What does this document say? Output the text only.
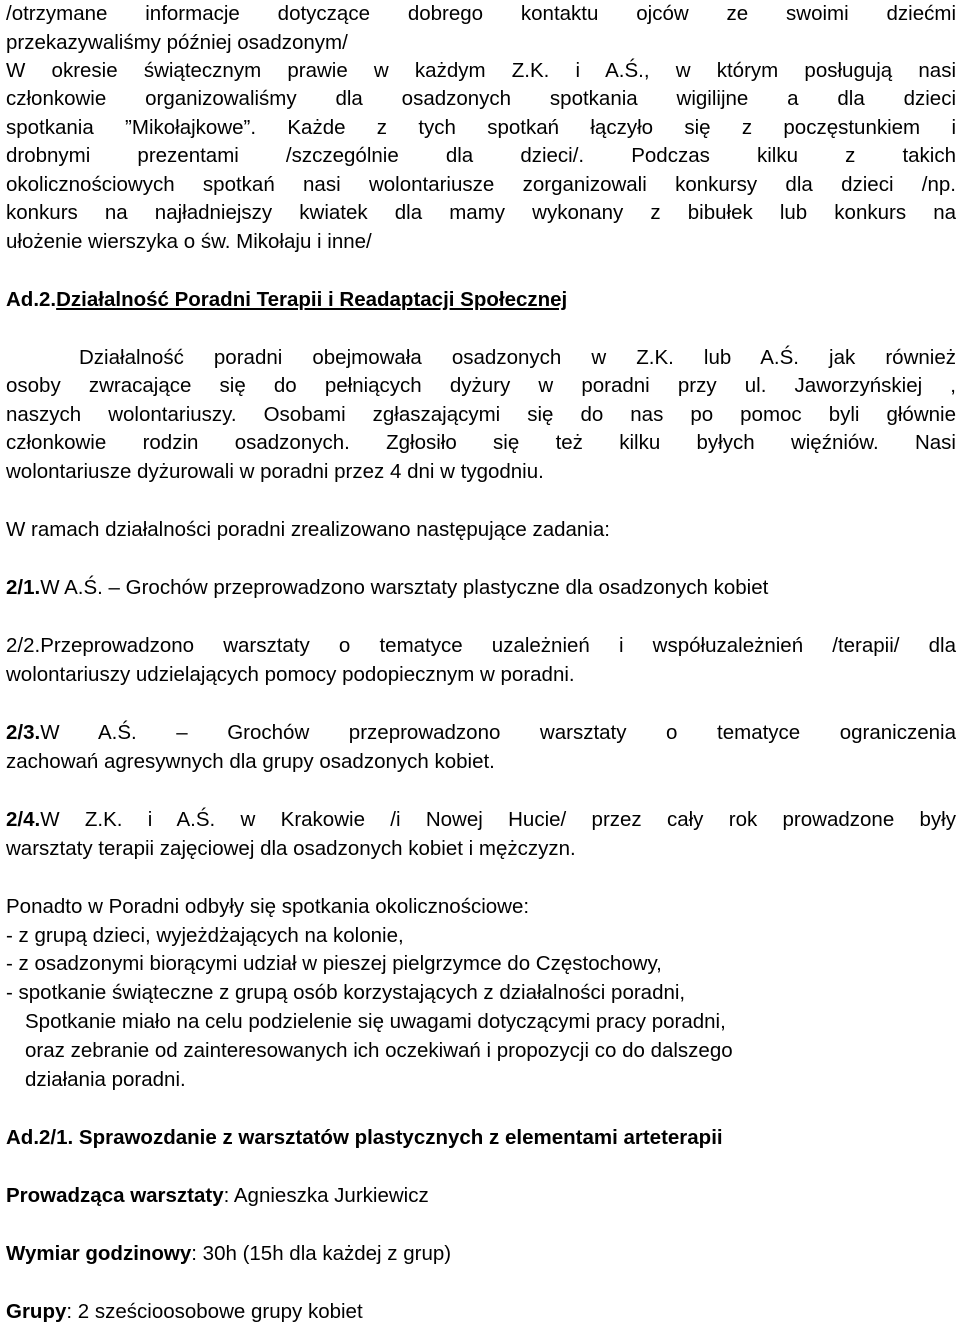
/otrzymane informacje dotyczące dobrego kontaktu ojców ze swoimi dziećmi
przekazywaliśmy później osadzonym/
W okresie świątecznym prawie w każdym Z.K. i A.Ś., w którym posługują nasi
członkowie organizowaliśmy dla osadzonych spotkania wigilijne a dla dzieci
spotkania ”Mikołajkowe”. Każde z tych spotkań łączyło się z poczęstunkiem i
drobnymi prezentami /szczególnie dla dzieci/. Podczas kilku z takich
okolicznościowych spotkań nasi wolontariusze zorganizowali konkursy dla dzieci /np.
konkurs na najładniejszy kwiatek dla mamy wykonany z bibułek lub konkurs na
ułożenie wierszyka o św. Mikołaju i inne/
Ad.2.Działalność Poradni Terapii i Readaptacji Społecznej
Działalność poradni obejmowała osadzonych w Z.K. lub A.Ś. jak również
osoby zwracające się do pełniących dyżury w poradni przy ul. Jaworzyńskiej ,
naszych wolontariuszy. Osobami zgłaszającymi się do nas po pomoc byli głównie
członkowie rodzin osadzonych. Zgłosiło się też kilku byłych więźniów. Nasi
wolontariusze dyżurowali w poradni przez 4 dni w tygodniu.
W ramach działalności poradni zrealizowano następujące zadania:
2/1.W A.Ś. – Grochów przeprowadzono warsztaty plastyczne dla osadzonych kobiet
2/2.Przeprowadzono warsztaty o tematyce uzależnień i współuzależnień /terapii/ dla
wolontariuszy udzielających pomocy podopiecznym w poradni.
2/3.W A.Ś. – Grochów przeprowadzono warsztaty o tematyce ograniczenia
zachowań agresywnych dla grupy osadzonych kobiet.
2/4.W Z.K. i A.Ś. w Krakowie /i Nowej Hucie/ przez cały rok prowadzone były
warsztaty terapii zajęciowej dla osadzonych kobiet i mężczyzn.
Ponadto w Poradni odbyły się spotkania okolicznościowe:
- z grupą dzieci, wyjeżdżających na kolonie,
- z osadzonymi biorącymi udział w pieszej pielgrzymce do Częstochowy,
- spotkanie świąteczne z grupą osób korzystających z działalności poradni,
Spotkanie miało na celu podzielenie się uwagami dotyczącymi pracy poradni,
oraz zebranie od zainteresowanych ich oczekiwań i propozycji co do dalszego
działania poradni.
Ad.2/1. Sprawozdanie z warsztatów plastycznych z elementami arteterapii
Prowadząca warsztaty: Agnieszka Jurkiewicz
Wymiar godzinowy: 30h (15h dla każdej z grup)
Grupy: 2 sześcioosobowe grupy kobiet
